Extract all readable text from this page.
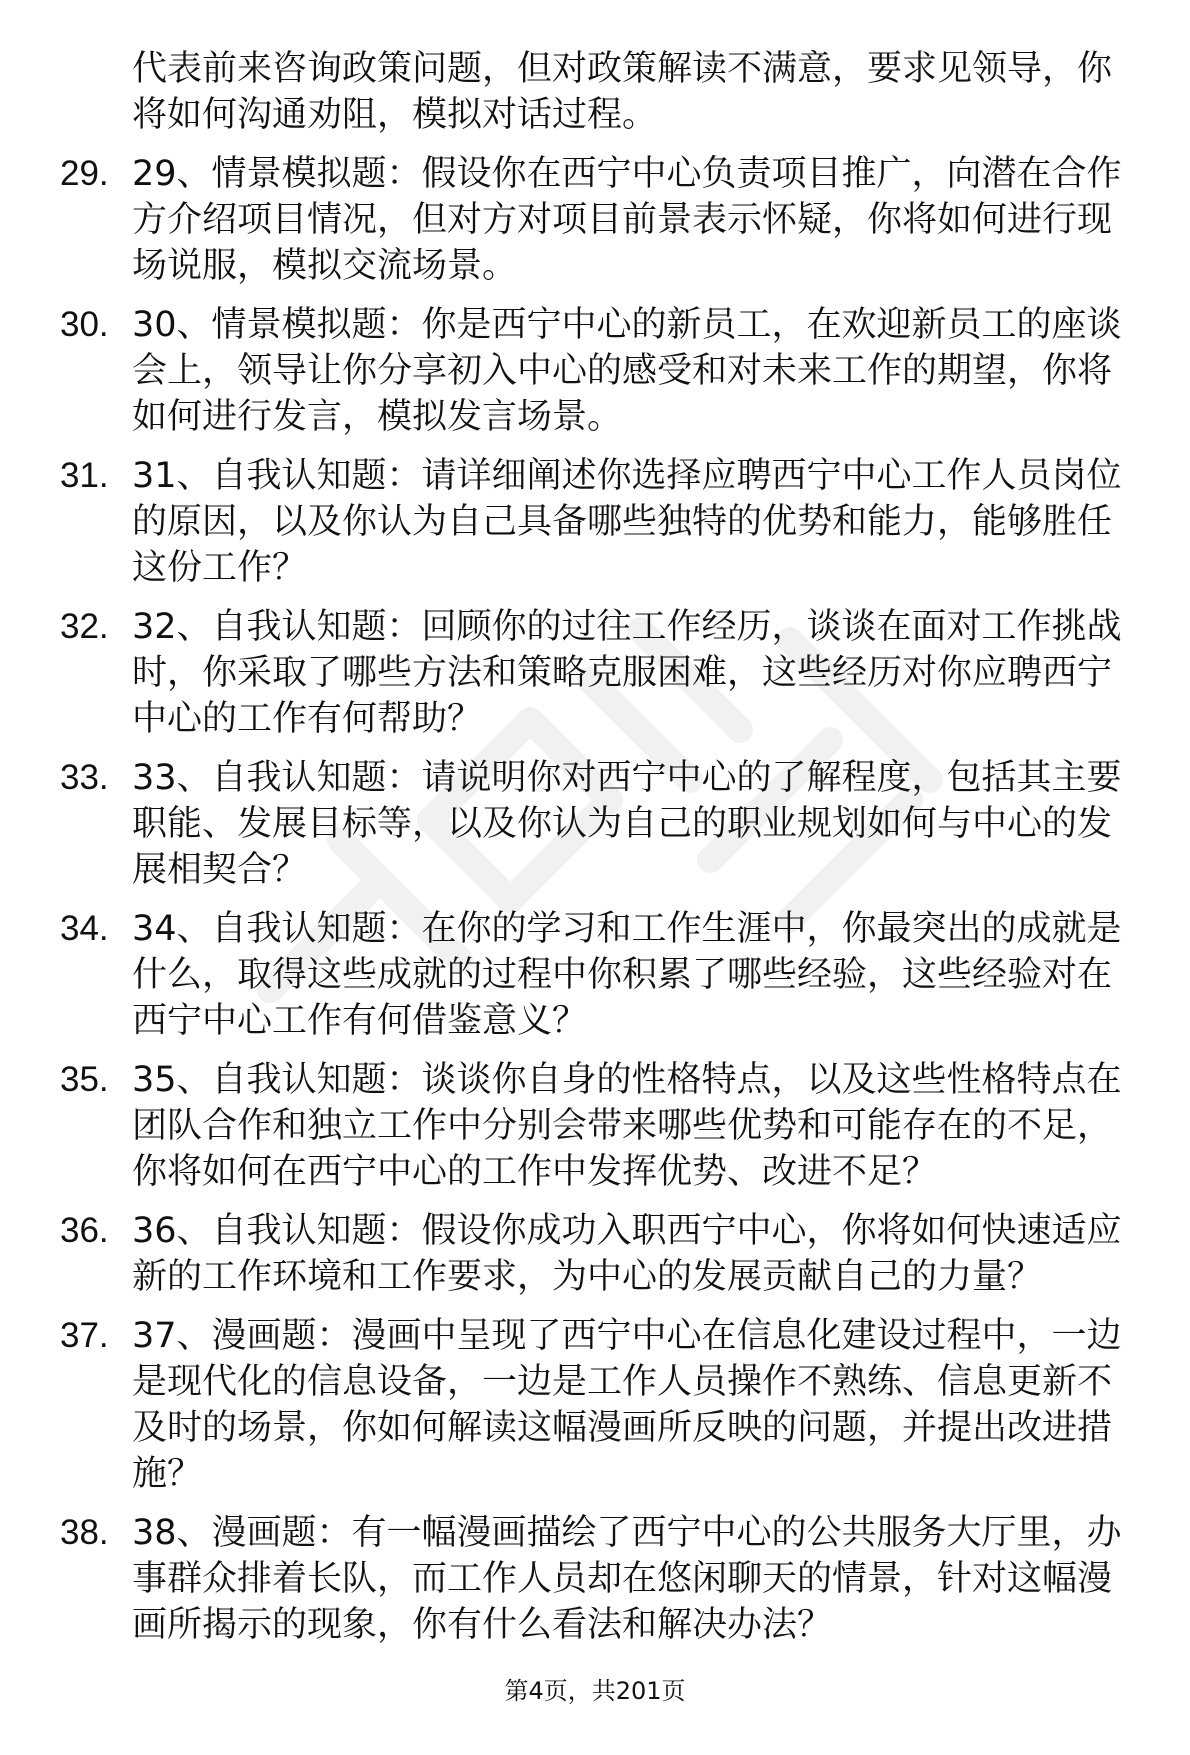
代表前来咨询政策问题，但对政策解读不满意，要求见领导，你将如何沟通劝阻，模拟对话过程。
29. 29、情景模拟题：假设你在西宁中心负责项目推广，向潜在合作方介绍项目情况，但对方对项目前景表示怀疑，你将如何进行现场说服，模拟交流场景。
30. 30、情景模拟题：你是西宁中心的新员工，在欢迎新员工的座谈会上，领导让你分享初入中心的感受和对未来工作的期望，你将如何进行发言，模拟发言场景。
31. 31、自我认知题：请详细阐述你选择应聘西宁中心工作人员岗位的原因，以及你认为自己具备哪些独特的优势和能力，能够胜任这份工作？
32. 32、自我认知题：回顾你的过往工作经历，谈谈在面对工作挑战时，你采取了哪些方法和策略克服困难，这些经历对你应聘西宁中心的工作有何帮助？
33. 33、自我认知题：请说明你对西宁中心的了解程度，包括其主要职能、发展目标等，以及你认为自己的职业规划如何与中心的发展相契合？
34. 34、自我认知题：在你的学习和工作生涯中，你最突出的成就是什么，取得这些成就的过程中你积累了哪些经验，这些经验对在西宁中心工作有何借鉴意义？
35. 35、自我认知题：谈谈你自身的性格特点，以及这些性格特点在团队合作和独立工作中分别会带来哪些优势和可能存在的不足，你将如何在西宁中心的工作中发挥优势、改进不足？
36. 36、自我认知题：假设你成功入职西宁中心，你将如何快速适应新的工作环境和工作要求，为中心的发展贡献自己的力量？
37. 37、漫画题：漫画中呈现了西宁中心在信息化建设过程中，一边是现代化的信息设备，一边是工作人员操作不熟练、信息更新不及时的场景，你如何解读这幅漫画所反映的问题，并提出改进措施？
38. 38、漫画题：有一幅漫画描绘了西宁中心的公共服务大厅里，办事群众排着长队，而工作人员却在悠闲聊天的情景，针对这幅漫画所揭示的现象，你有什么看法和解决办法？
第4页，共201页
